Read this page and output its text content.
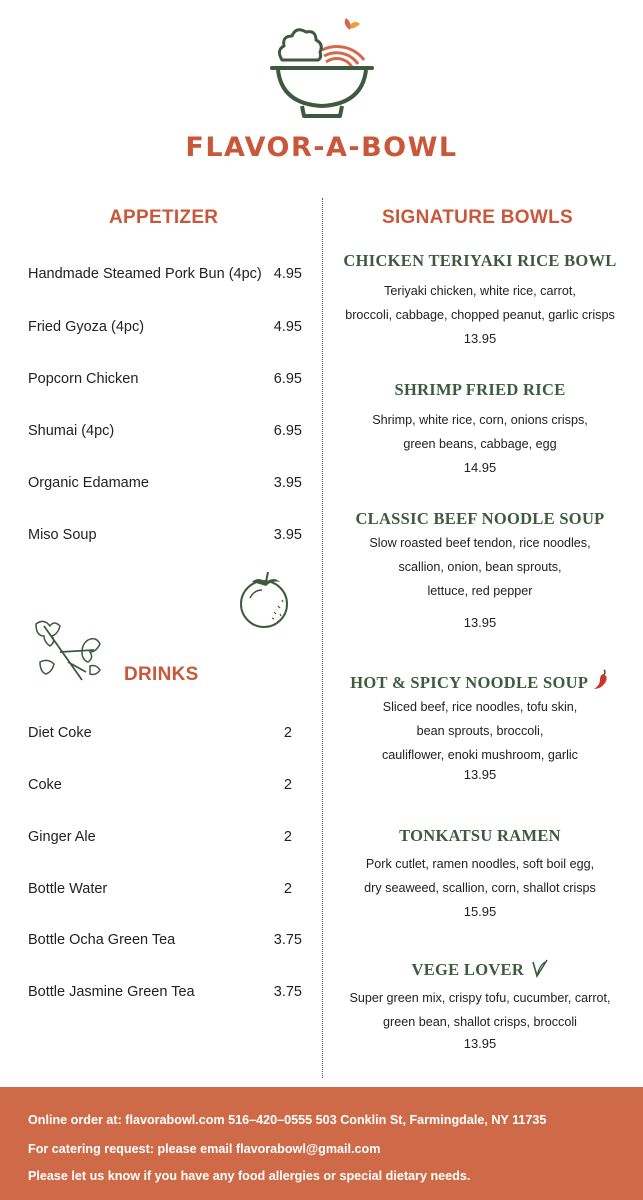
FLAVOR-A-BOWL
APPETIZER
Handmade Steamed Pork Bun (4pc) 4.95
Fried Gyoza (4pc)	4.95
Popcorn Chicken	6.95
Shumai (4pc)	6.95
Organic Edamame	3.95
Miso Soup	3.95
DRINKS
Diet Coke	2
Coke	2
Ginger Ale	2
Bottle Water	2
Bottle Ocha Green Tea	3.75
Bottle Jasmine Green Tea	3.75
SIGNATURE BOWLS
CHICKEN TERIYAKI RICE BOWL
Teriyaki chicken, white rice, carrot,
broccoli, cabbage, chopped peanut, garlic crisps
13.95
SHRIMP FRIED RICE
Shrimp, white rice, corn, onions crisps,
green beans, cabbage, egg
14.95
CLASSIC BEEF NOODLE SOUP
Slow roasted beef tendon, rice noodles,
scallion, onion, bean sprouts,
lettuce, red pepper
13.95
HOT & SPICY NOODLE SOUP
Sliced beef, rice noodles, tofu skin,
bean sprouts, broccoli,
cauliflower, enoki mushroom, garlic
13.95
TONKATSU RAMEN
Pork cutlet, ramen noodles, soft boil egg,
dry seaweed, scallion, corn, shallot crisps
15.95
VEGE LOVER
Super green mix, crispy tofu, cucumber, carrot,
green bean, shallot crisps, broccoli
13.95
Online order at: flavorabowl.com 516–420–0555 503 Conklin St, Farmingdale, NY 11735
For catering request: please email flavorabowl@gmail.com
Please let us know if you have any food allergies or special dietary needs.
